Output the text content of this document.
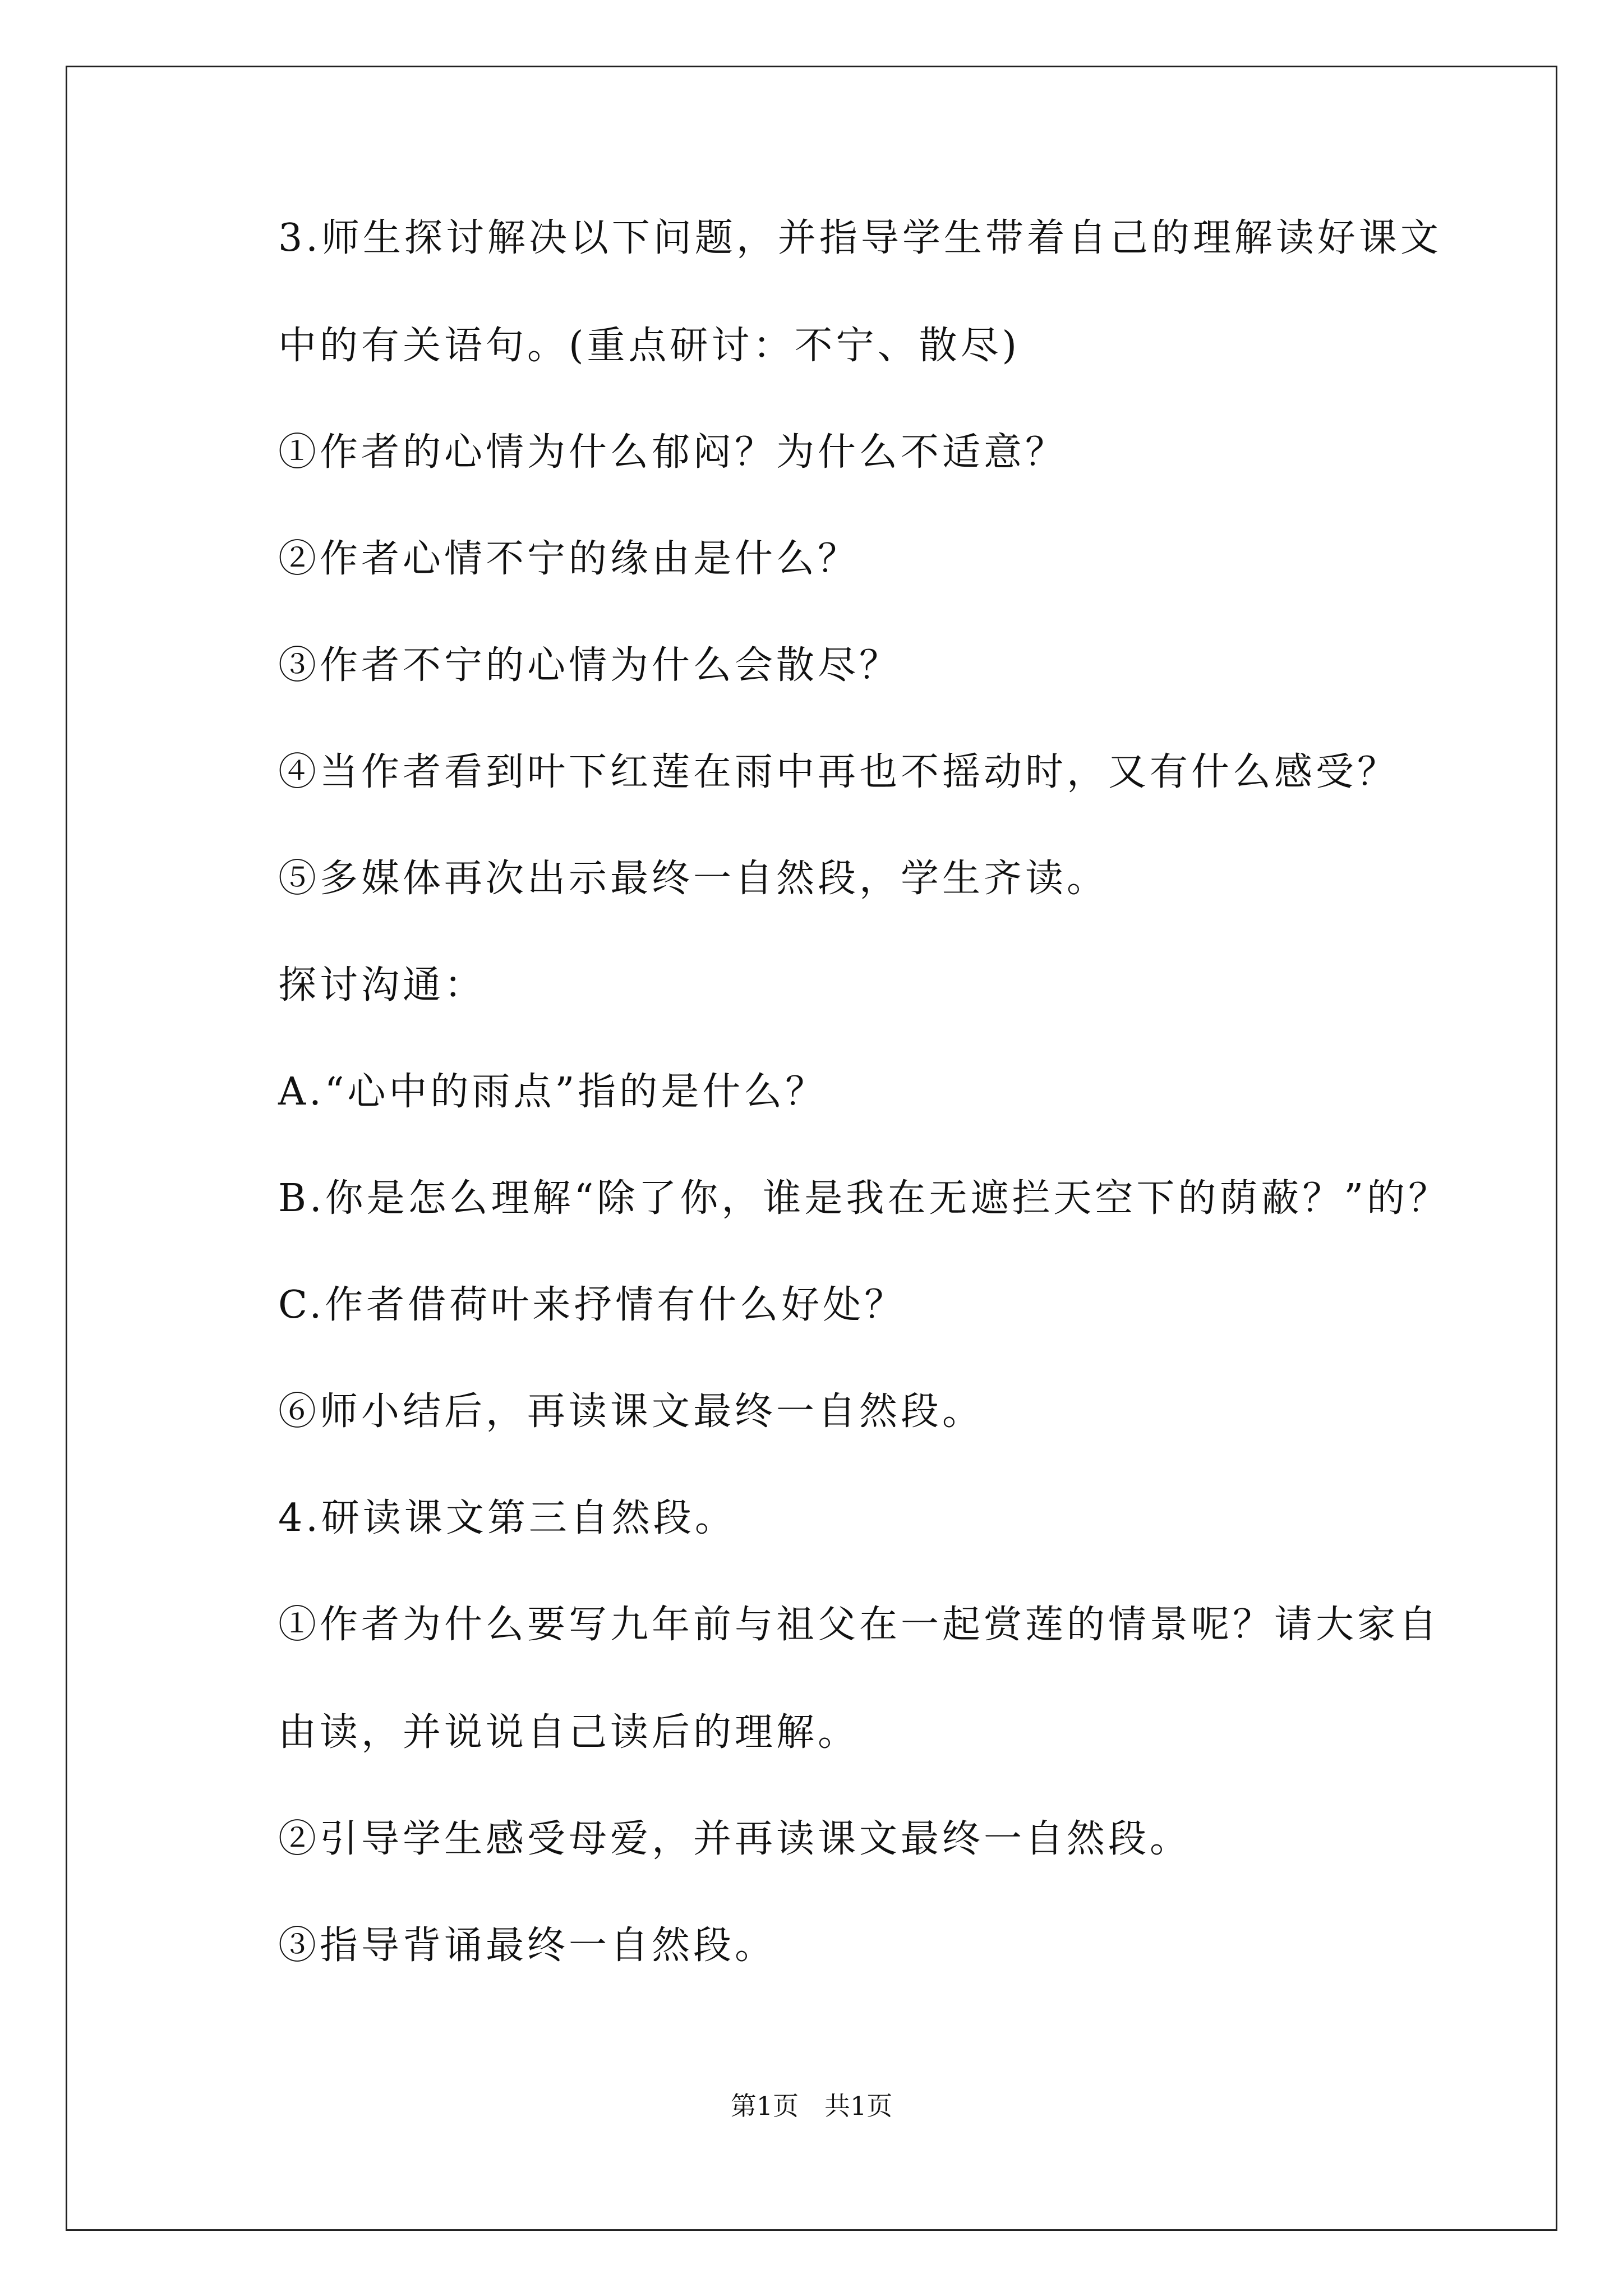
3.师生探讨解决以下问题，并指导学生带着自己的理解读好课文中的有关语句。(重点研讨：不宁、散尽)

①作者的心情为什么郁闷？为什么不适意？

②作者心情不宁的缘由是什么？

③作者不宁的心情为什么会散尽？

④当作者看到叶下红莲在雨中再也不摇动时，又有什么感受？

⑤多媒体再次出示最终一自然段，学生齐读。

探讨沟通：

A.“心中的雨点”指的是什么？

B.你是怎么理解“除了你，谁是我在无遮拦天空下的荫蔽？”的？

C.作者借荷叶来抒情有什么好处？

⑥师小结后，再读课文最终一自然段。

4.研读课文第三自然段。

①作者为什么要写九年前与祖父在一起赏莲的情景呢？请大家自由读，并说说自己读后的理解。

②引导学生感受母爱，并再读课文最终一自然段。

③指导背诵最终一自然段。

第1页　共1页
